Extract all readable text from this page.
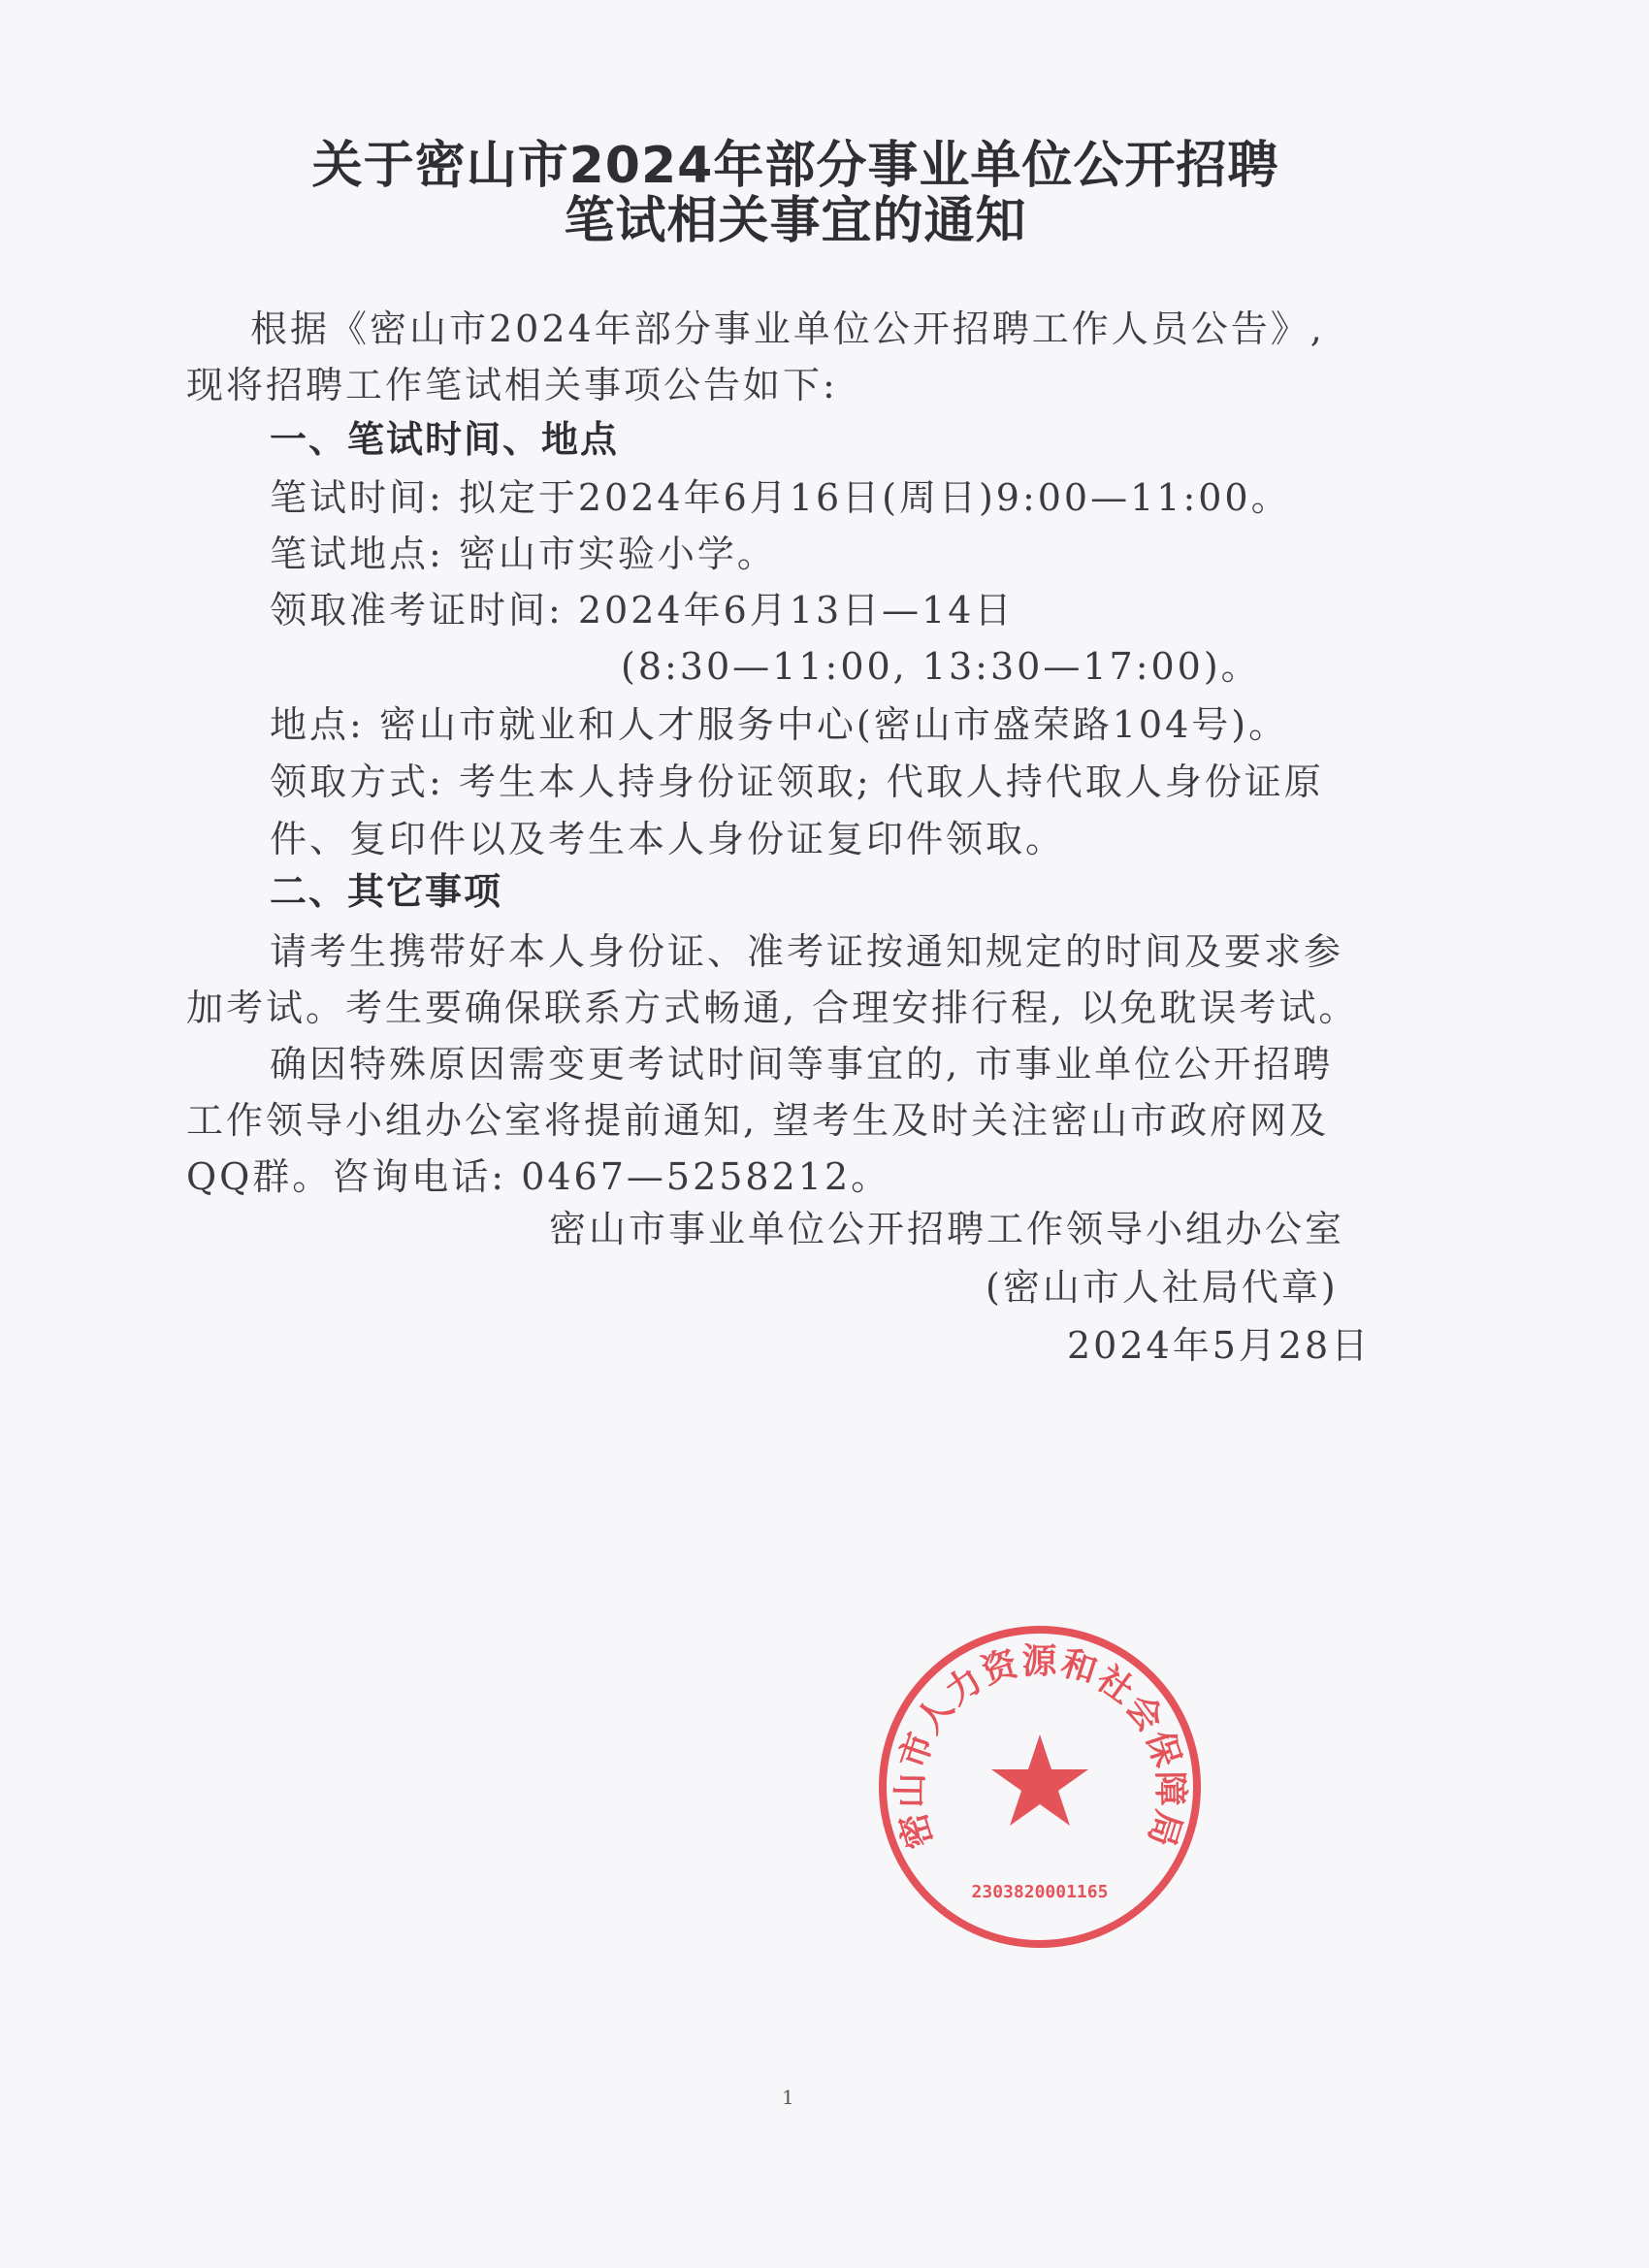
关于密山市2024年部分事业单位公开招聘
笔试相关事宜的通知
根据《密山市2024年部分事业单位公开招聘工作人员公告》,
现将招聘工作笔试相关事项公告如下:
一、笔试时间、地点
笔试时间: 拟定于2024年6月16日(周日)9:00—11:00。
笔试地点: 密山市实验小学。
领取准考证时间: 2024年6月13日—14日
(8:30—11:00, 13:30—17:00)。
地点: 密山市就业和人才服务中心(密山市盛荣路104号)。
领取方式: 考生本人持身份证领取; 代取人持代取人身份证原
件、复印件以及考生本人身份证复印件领取。
二、其它事项
请考生携带好本人身份证、准考证按通知规定的时间及要求参
加考试。考生要确保联系方式畅通, 合理安排行程, 以免耽误考试。
确因特殊原因需变更考试时间等事宜的, 市事业单位公开招聘
工作领导小组办公室将提前通知, 望考生及时关注密山市政府网及
QQ群。咨询电话: 0467—5258212。
密山市事业单位公开招聘工作领导小组办公室
(密山市人社局代章)
2024年5月28日
密山市人力资源和社会保障局
2303820001165
1
